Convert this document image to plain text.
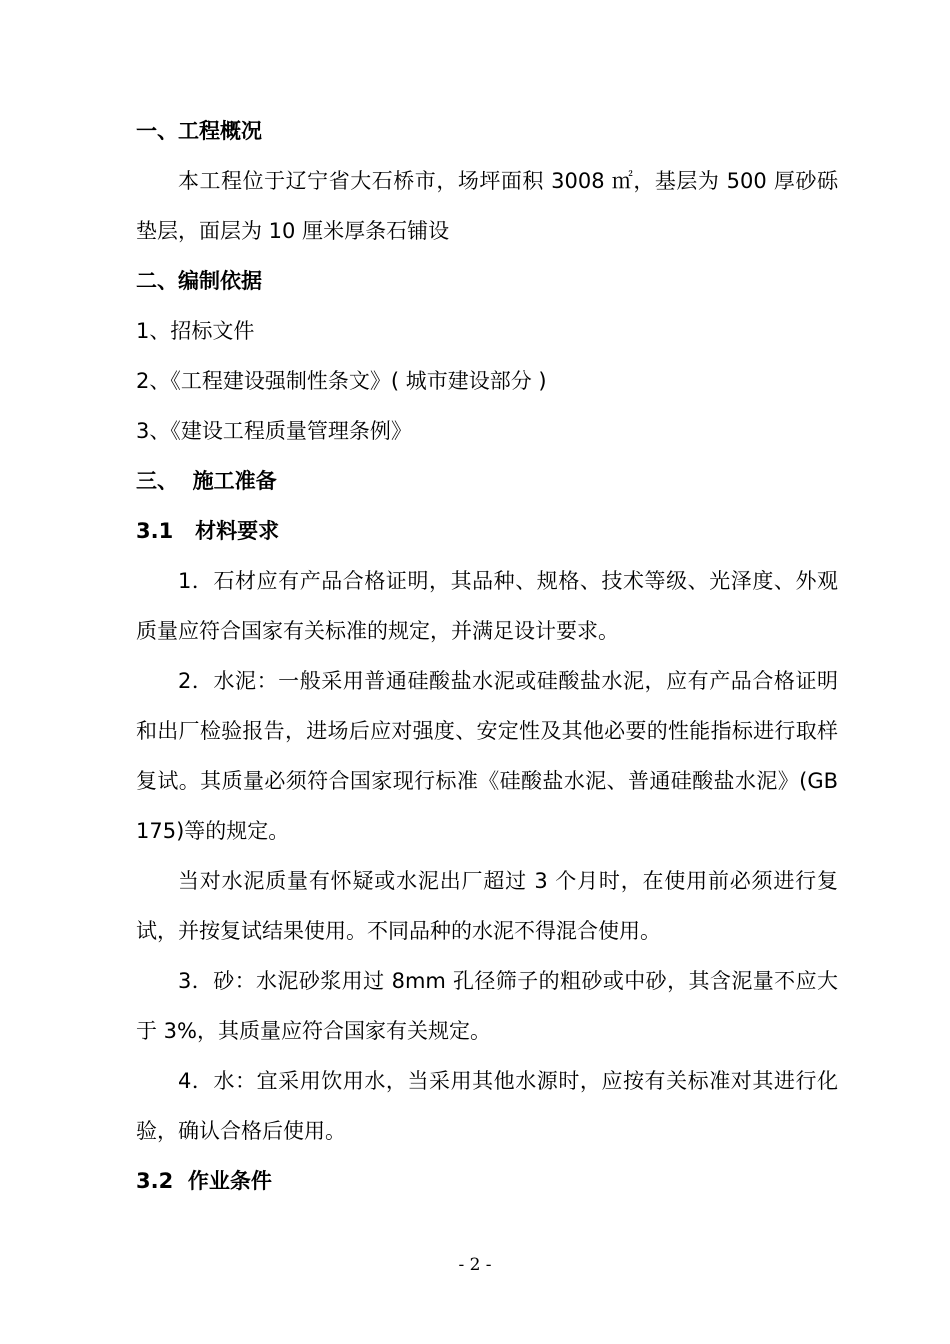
一、工程概况
本工程位于辽宁省大石桥市，场坪面积 3008 ㎡，基层为 500 厚砂砾垫层，面层为 10 厘米厚条石铺设
二、编制依据
1、招标文件
2、《工程建设强制性条文》( 城市建设部分 )
3、《建设工程质量管理条例》
三、  施工准备
3.1   材料要求
1．石材应有产品合格证明，其品种、规格、技术等级、光泽度、外观质量应符合国家有关标准的规定，并满足设计要求。
2．水泥：一般采用普通硅酸盐水泥或硅酸盐水泥，应有产品合格证明和出厂检验报告，进场后应对强度、安定性及其他必要的性能指标进行取样复试。其质量必须符合国家现行标准《硅酸盐水泥、普通硅酸盐水泥》(GB 175)等的规定。
当对水泥质量有怀疑或水泥出厂超过 3 个月时，在使用前必须进行复试，并按复试结果使用。不同品种的水泥不得混合使用。
3．砂：水泥砂浆用过 8mm 孔径筛子的粗砂或中砂，其含泥量不应大于 3%，其质量应符合国家有关规定。
4．水：宜采用饮用水，当采用其他水源时，应按有关标准对其进行化验，确认合格后使用。
3.2  作业条件
- 2 -
